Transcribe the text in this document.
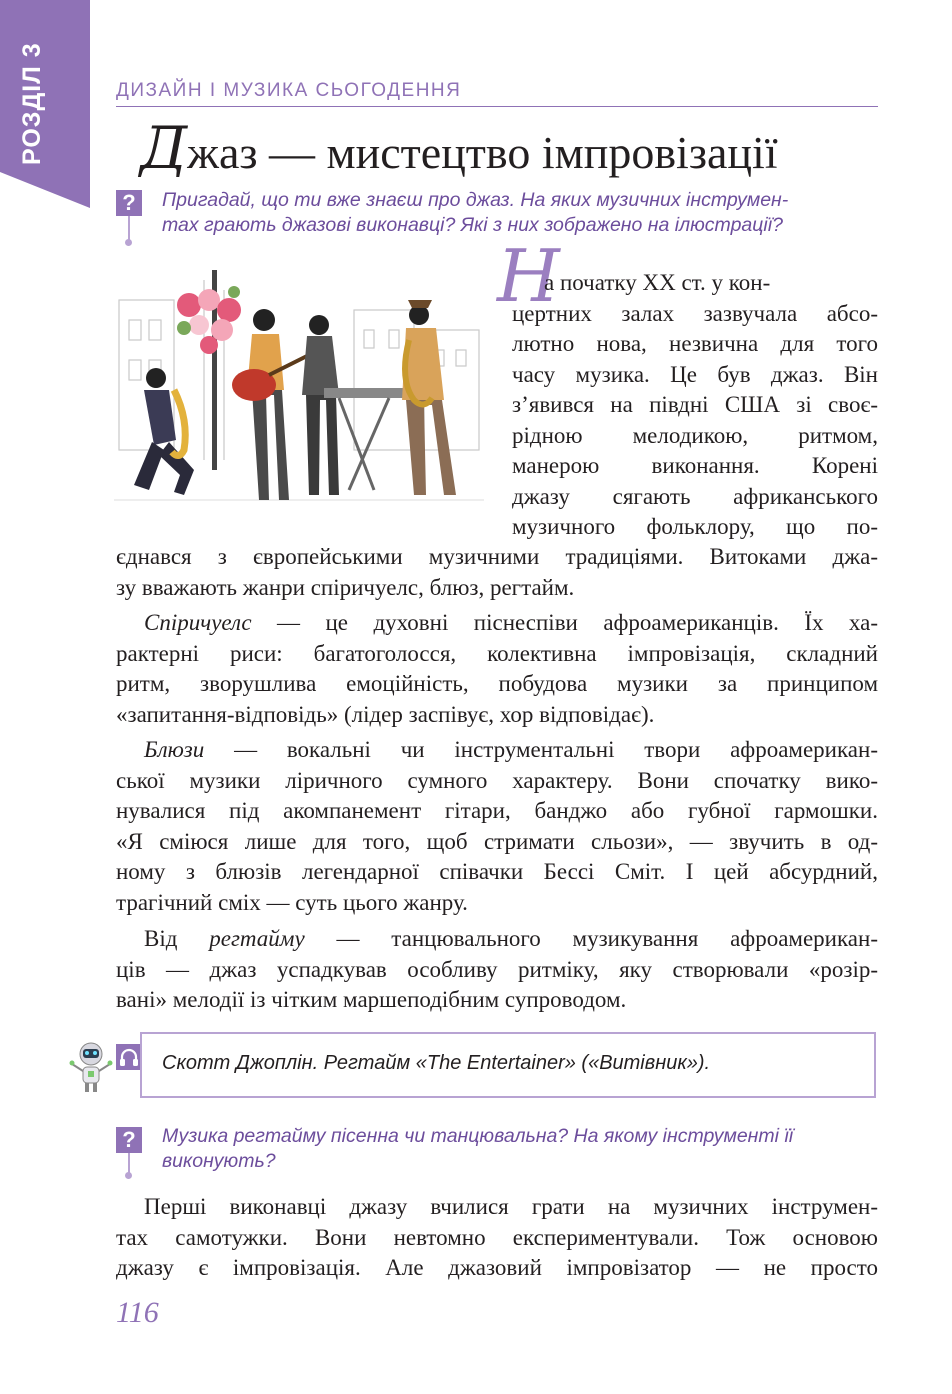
РОЗДІЛ 3	ДИЗАЙН І МУЗИКА СЬОГОДЕННЯ
Джаз — мистецтво імпровізації
?	Пригадай, що ти вже знаєш про джаз. На яких музичних інструмен-
тах грають джазові виконавці? Які з них зображено на ілюстрації?
Н
а початку XX ст. у кон-
цертних залах зазвучала абсо-
лютно нова, незвична для того
часу музика. Це був джаз. Він
з’явився на півдні США зі своє-
рідною мелодикою, ритмом,
манерою виконання. Корені
джазу сягають африканського
музичного фольклору, що по-
єднався з європейськими музичними традиціями. Витоками джа-
зу вважають жанри спіричуелс, блюз, регтайм.
Спіричуелс — це духовні піснеспіви афроамериканців. Їх ха-
рактерні риси: багатоголосся, колективна імпровізація, складний
ритм, зворушлива емоційність, побудова музики за принципом
«запитання-відповідь» (лідер заспівує, хор відповідає).
Блюзи — вокальні чи інструментальні твори афроамерикан-
ської музики ліричного сумного характеру. Вони спочатку вико-
нувалися під акомпанемент гітари, банджо або губної гармошки.
«Я сміюся лише для того, щоб стримати сльози», — звучить в од-
ному з блюзів легендарної співачки Бессі Сміт. І цей абсурдний,
трагічний сміх — суть цього жанру.
Від регтайму — танцювального музикування афроамерикан-
ців — джаз успадкував особливу ритміку, яку створювали «розір-
вані» мелодії із чітким маршеподібним супроводом.
Скотт Джоплін. Регтайм «The Entertainer» («Витівник»).
?	Музика регтайму пісенна чи танцювальна? На якому інструменті її
виконують?
Перші виконавці джазу вчилися грати на музичних інструмен-
тах самотужки. Вони невтомно експериментували. Тож основою
джазу є імпровізація. Але джазовий імпровізатор — не просто
116
